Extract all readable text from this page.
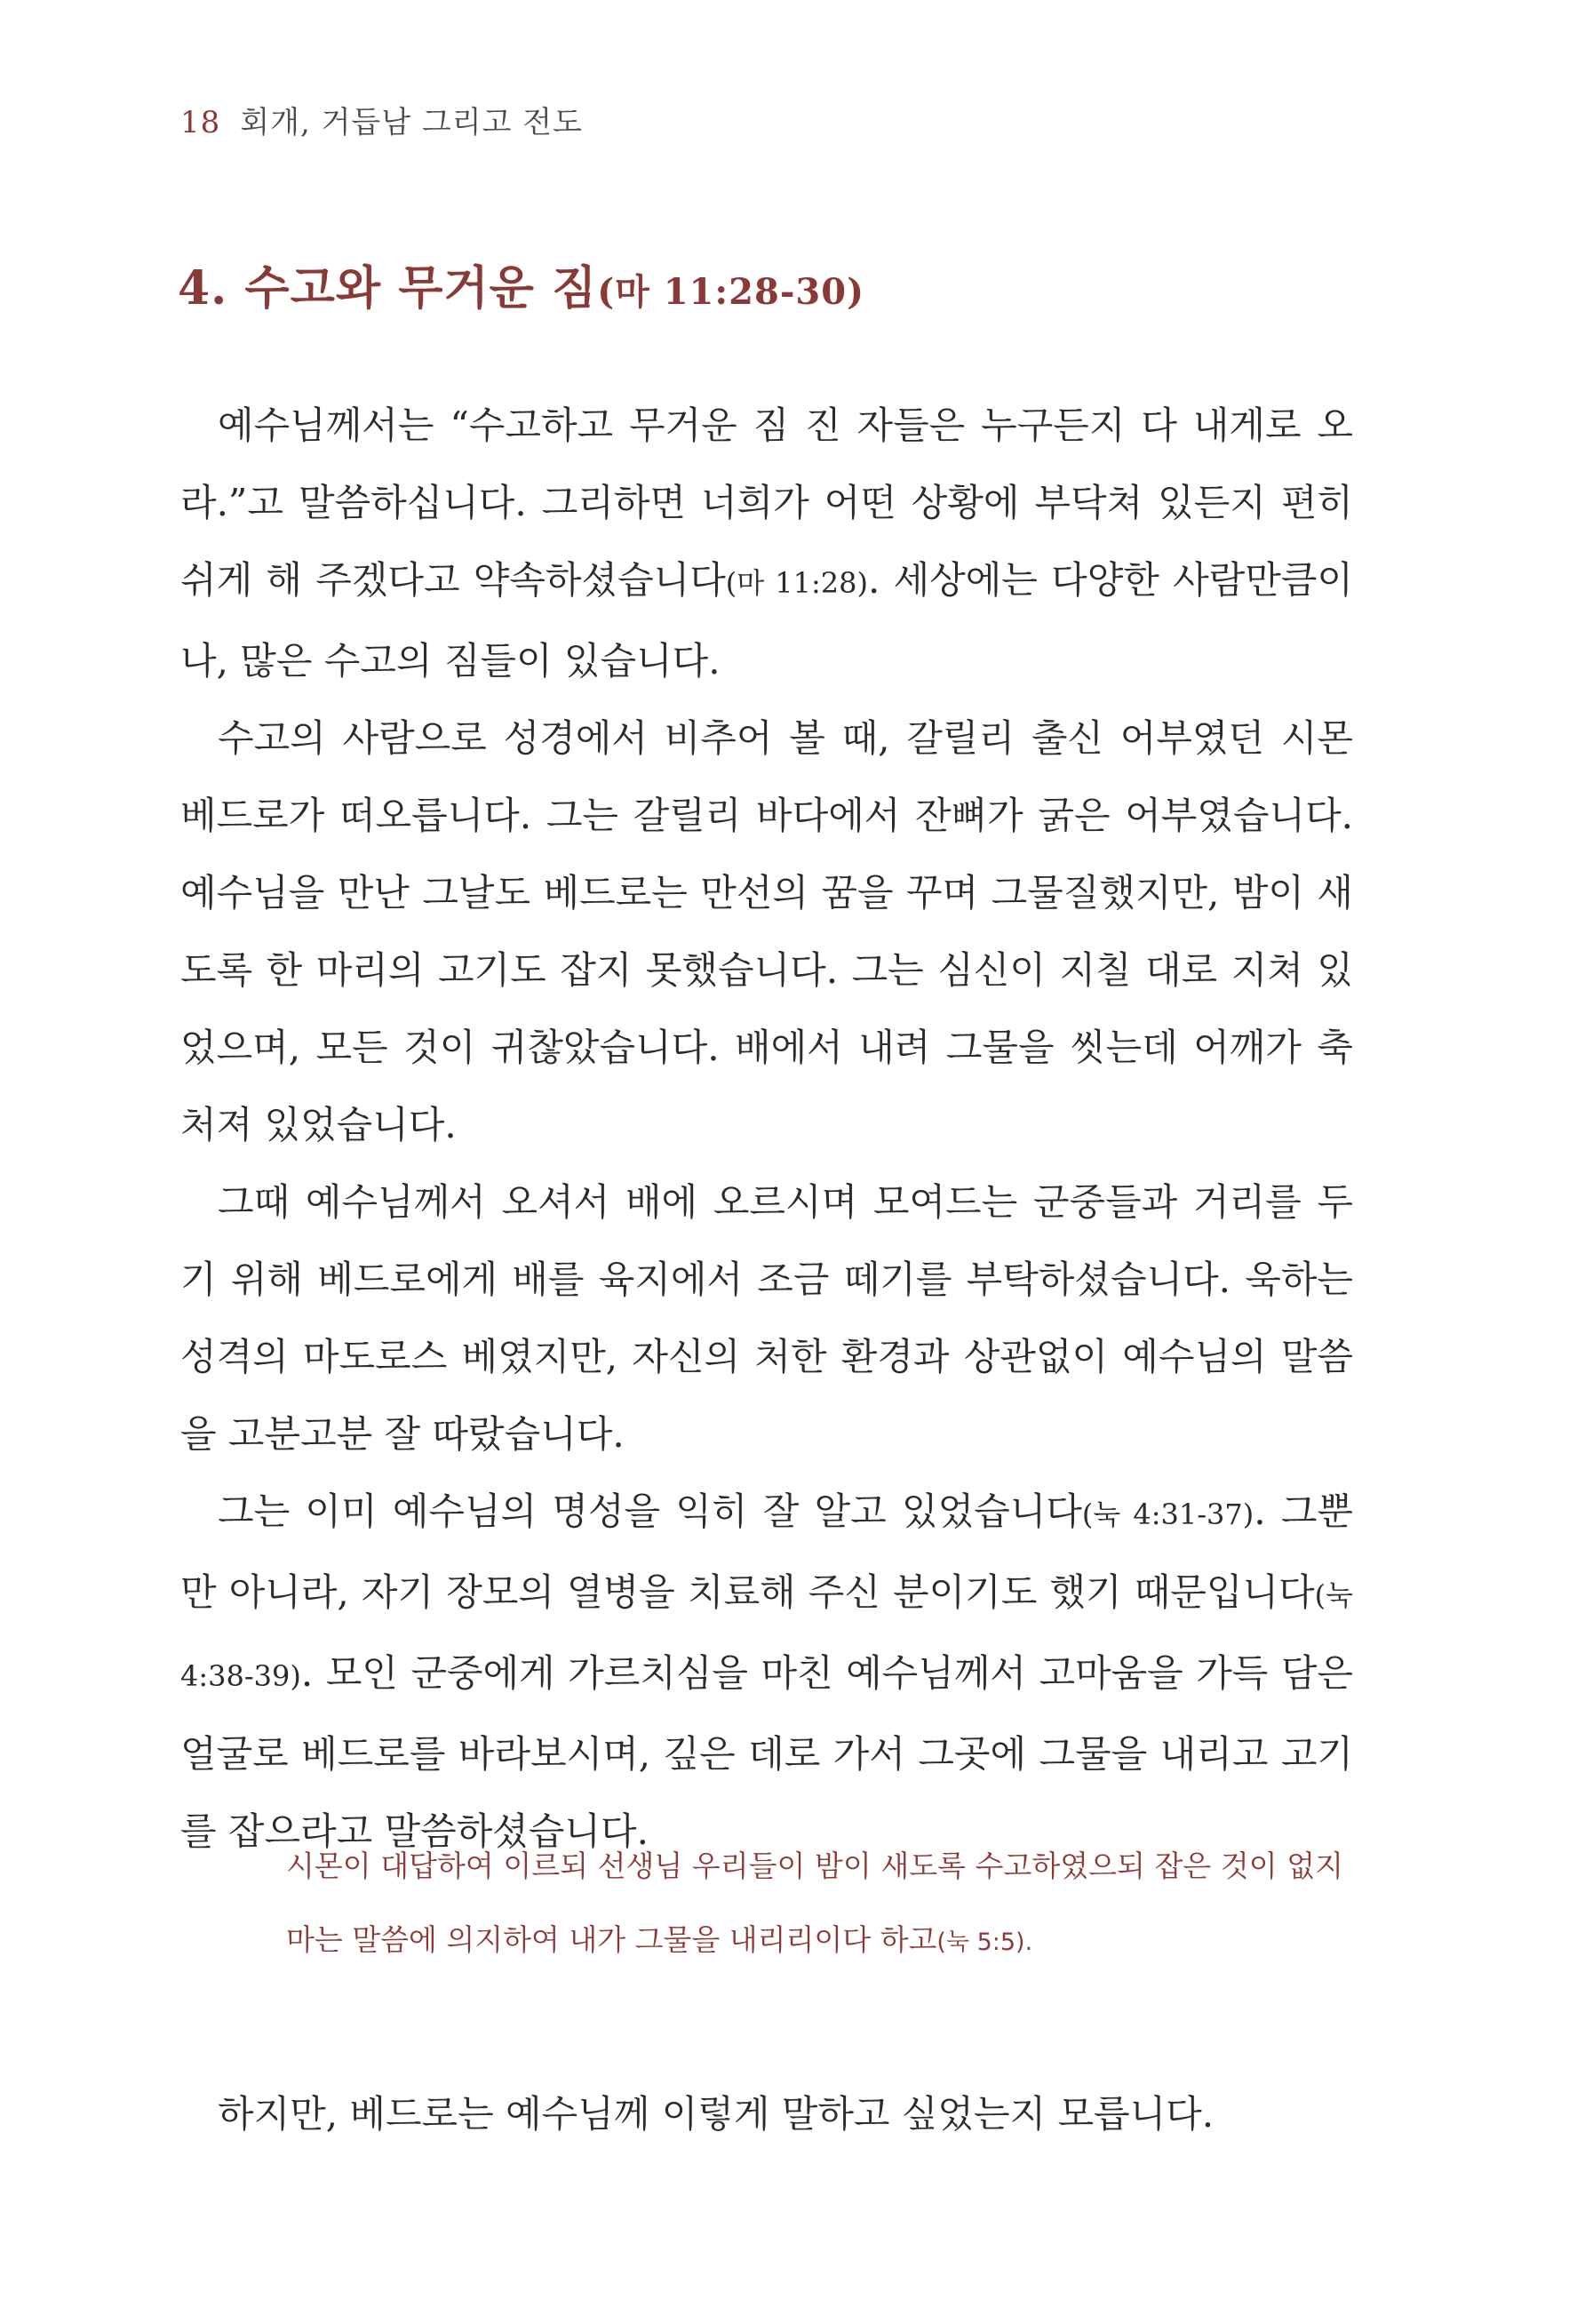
18 회개, 거듭남 그리고 전도
4. 수고와 무거운 짐(마 11:28-30)

예수님께서는 “수고하고 무거운 짐 진 자들은 누구든지 다 내게로 오라.”고 말씀하십니다. 그리하면 너희가 어떤 상황에 부닥쳐 있든지 편히 쉬게 해 주겠다고 약속하셨습니다(마 11:28). 세상에는 다양한 사람만큼이나, 많은 수고의 짐들이 있습니다.

수고의 사람으로 성경에서 비추어 볼 때, 갈릴리 출신 어부였던 시몬 베드로가 떠오릅니다. 그는 갈릴리 바다에서 잔뼈가 굵은 어부였습니다. 예수님을 만난 그날도 베드로는 만선의 꿈을 꾸며 그물질했지만, 밤이 새도록 한 마리의 고기도 잡지 못했습니다. 그는 심신이 지칠 대로 지쳐 있었으며, 모든 것이 귀찮았습니다. 배에서 내려 그물을 씻는데 어깨가 축 처져 있었습니다.

그때 예수님께서 오셔서 배에 오르시며 모여드는 군중들과 거리를 두기 위해 베드로에게 배를 육지에서 조금 떼기를 부탁하셨습니다. 욱하는 성격의 마도로스 베였지만, 자신의 처한 환경과 상관없이 예수님의 말씀을 고분고분 잘 따랐습니다.

그는 이미 예수님의 명성을 익히 잘 알고 있었습니다(눅 4:31-37). 그뿐만 아니라, 자기 장모의 열병을 치료해 주신 분이기도 했기 때문입니다(눅 4:38-39). 모인 군중에게 가르치심을 마친 예수님께서 고마움을 가득 담은 얼굴로 베드로를 바라보시며, 깊은 데로 가서 그곳에 그물을 내리고 고기를 잡으라고 말씀하셨습니다.

시몬이 대답하여 이르되 선생님 우리들이 밤이 새도록 수고하였으되 잡은 것이 없지마는 말씀에 의지하여 내가 그물을 내리리이다 하고(눅 5:5).
하지만, 베드로는 예수님께 이렇게 말하고 싶었는지 모릅니다.
